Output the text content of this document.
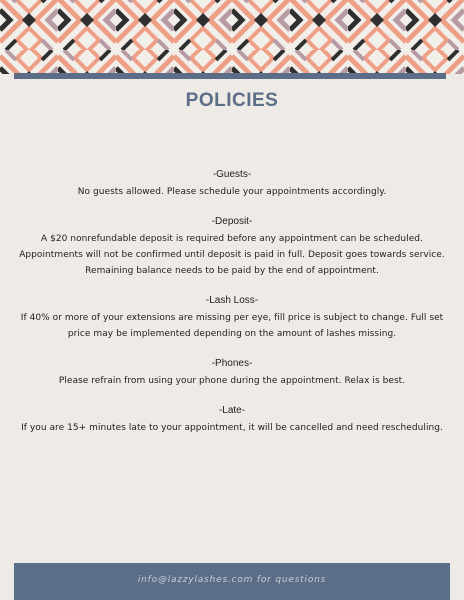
POLICIES
-Guests-
No guests allowed. Please schedule your appointments accordingly.
-Deposit-
A $20 nonrefundable deposit is required before any appointment can be scheduled. Appointments will not be confirmed until deposit is paid in full. Deposit goes towards service. Remaining balance needs to be paid by the end of appointment.
-Lash Loss-
If 40% or more of your extensions are missing per eye, fill price is subject to change. Full set price may be implemented depending on the amount of lashes missing.
-Phones-
Please refrain from using your phone during the appointment. Relax is best.
-Late-
If you are 15+ minutes late to your appointment, it will be cancelled and need rescheduling.
info@lazzylashes.com for questions
